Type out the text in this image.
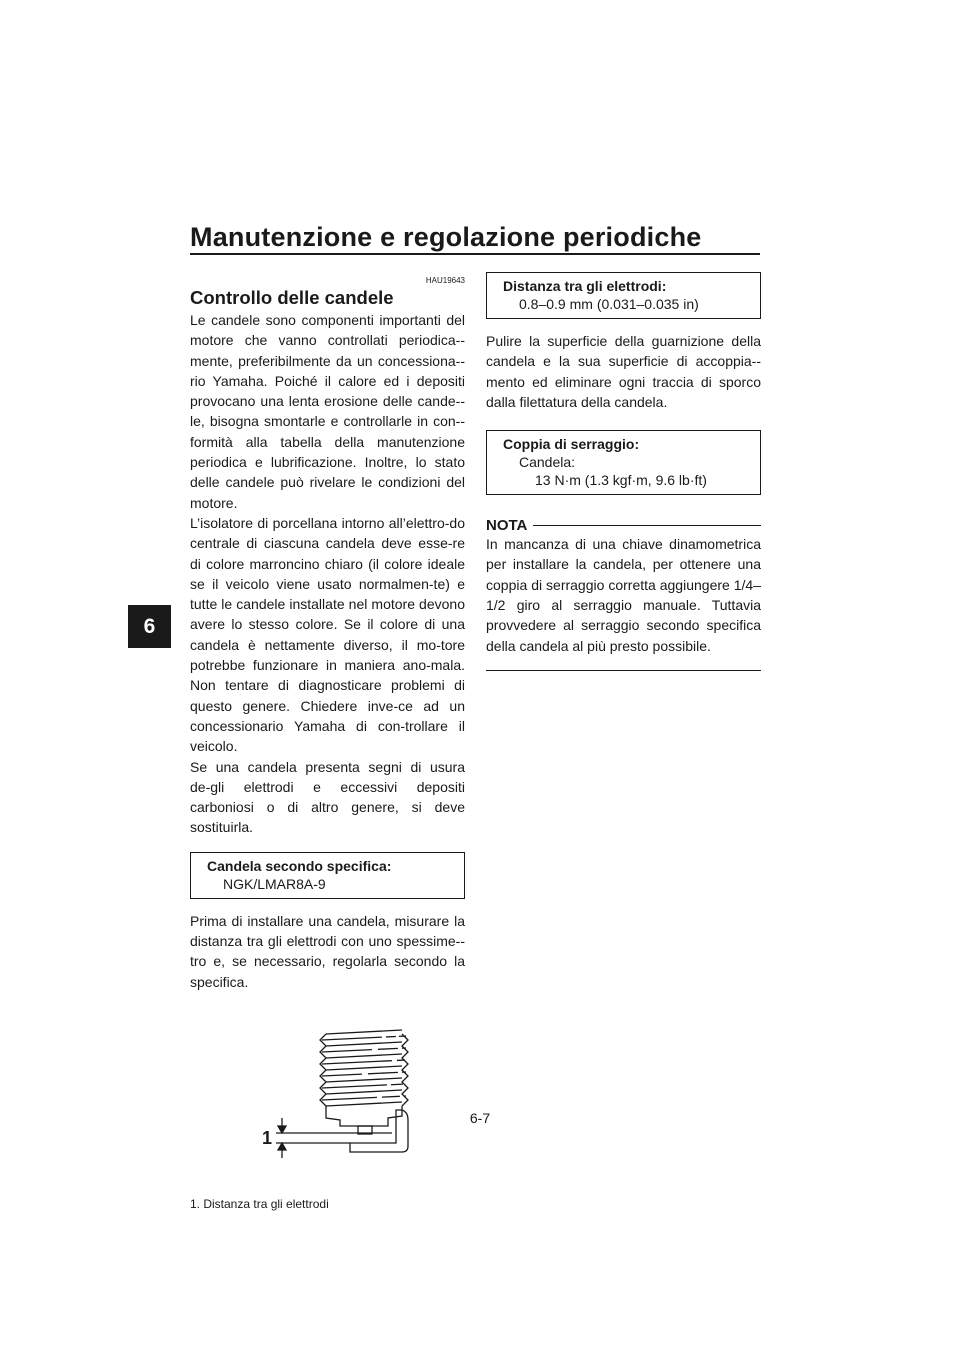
Manutenzione e regolazione periodiche
6
HAU19643
Controllo delle candele

Le candele sono componenti importanti del motore che vanno controllati periodica-mente, preferibilmente da un concessiona-rio Yamaha. Poiché il calore ed i depositi provocano una lenta erosione delle cande-le, bisogna smontarle e controllarle in con-formità alla tabella della manutenzione periodica e lubrificazione. Inoltre, lo stato delle candele può rivelare le condizioni del motore.

L’isolatore di porcellana intorno all’elettro-do centrale di ciascuna candela deve esse-re di colore marroncino chiaro (il colore ideale se il veicolo viene usato normalmen-te) e tutte le candele installate nel motore devono avere lo stesso colore. Se il colore di una candela è nettamente diverso, il mo-tore potrebbe funzionare in maniera ano-mala. Non tentare di diagnosticare problemi di questo genere. Chiedere inve-ce ad un concessionario Yamaha di con-trollare il veicolo.

Se una candela presenta segni di usura de-gli elettrodi e eccessivi depositi carboniosi o di altro genere, si deve sostituirla.

Candela secondo specifica:
NGK/LMAR8A-9

Prima di installare una candela, misurare la distanza tra gli elettrodi con uno spessime-tro e, se necessario, regolarla secondo la specifica.

1
1. Distanza tra gli elettrodi
Distanza tra gli elettrodi:
0.8–0.9 mm (0.031–0.035 in)

Pulire la superficie della guarnizione della candela e la sua superficie di accoppia-mento ed eliminare ogni traccia di sporco dalla filettatura della candela.

Coppia di serraggio:
Candela:
13 N·m (1.3 kgf·m, 9.6 lb·ft)
NOTA

In mancanza di una chiave dinamometrica per installare la candela, per ottenere una coppia di serraggio corretta aggiungere 1/4–1/2 giro al serraggio manuale. Tuttavia provvedere al serraggio secondo specifica della candela al più presto possibile.

6-7
